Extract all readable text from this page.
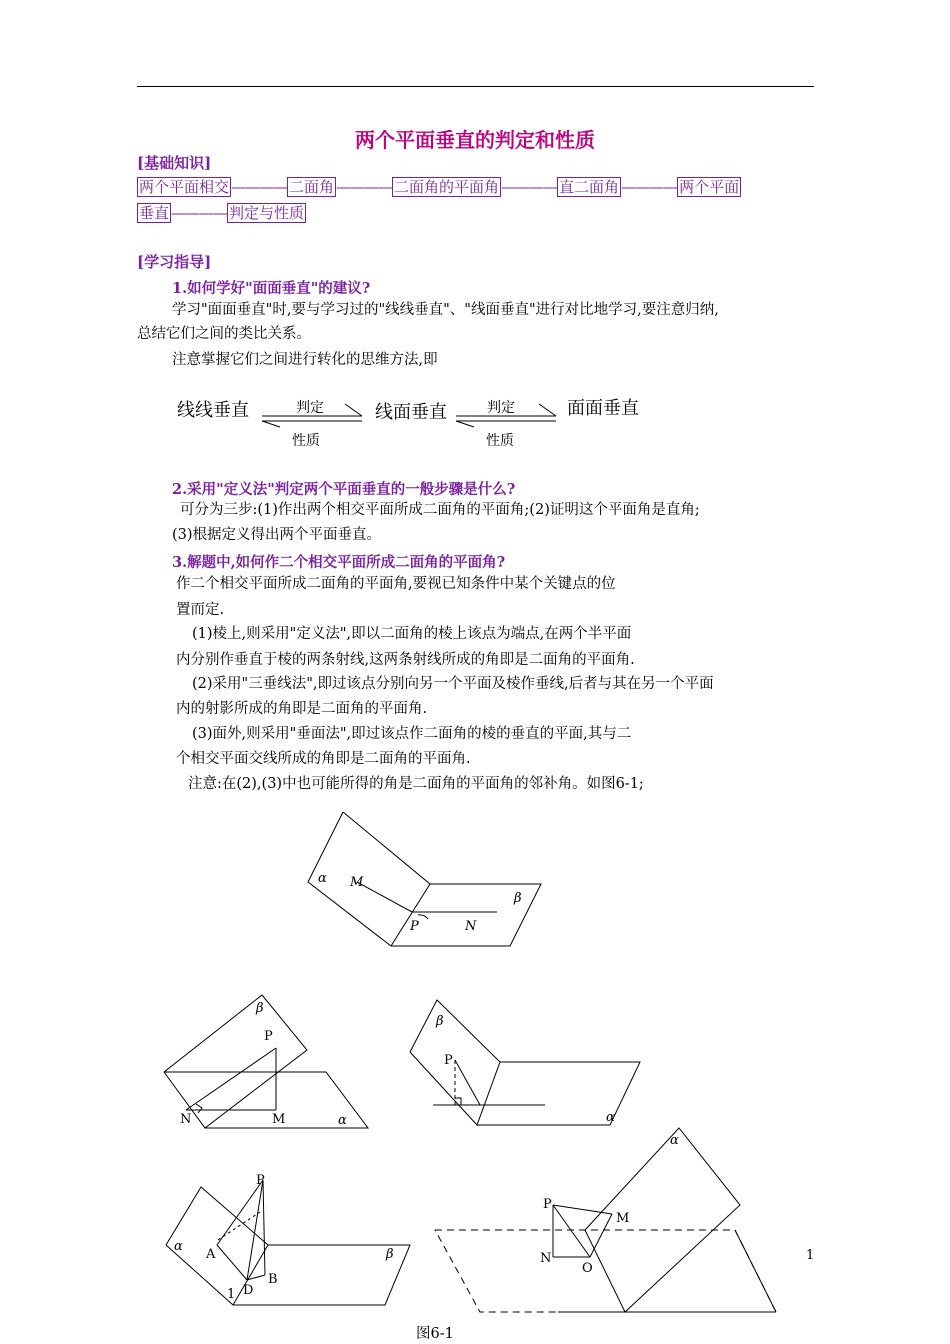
两个平面垂直的判定和性质
[基础知识]
两个平面相交 ———— 二面角 ———— 二面角的平面角 ———— 直二面角 ———— 两个平面
垂直 ———— 判定与性质
[学习指导]
1.如何学好"面面垂直"的建议?
学习"面面垂直"时,要与学习过的"线线垂直"、"线面垂直"进行对比地学习,要注意归纳,
总结它们之间的类比关系。
注意掌握它们之间进行转化的思维方法,即
线线垂直	线面垂直	面面垂直
判定	判定
性质	性质
2.采用"定义法"判定两个平面垂直的一般步骤是什么?
可分为三步:(1)作出两个相交平面所成二面角的平面角;(2)证明这个平面角是直角;
(3)根据定义得出两个平面垂直。
3.解题中,如何作二个相交平面所成二面角的平面角?
作二个相交平面所成二面角的平面角,要视已知条件中某个关键点的位
置而定.
(1)棱上,则采用"定义法",即以二面角的棱上该点为端点,在两个半平面
内分别作垂直于棱的两条射线,这两条射线所成的角即是二面角的平面角.
(2)采用"三垂线法",即过该点分别向另一个平面及棱作垂线,后者与其在另一个平面
内的射影所成的角即是二面角的平面角.
(3)面外,则采用"垂面法",即过该点作二面角的棱的垂直的平面,其与二
个相交平面交线所成的角即是二面角的平面角.
注意:在(2),(3)中也可能所得的角是二面角的平面角的邻补角。如图6-1;
α M
β
P	N
β
P
N	M	α
β
P
α
P
α
A
B
D
1
β
α
P
M
N
O
1
图6-1
